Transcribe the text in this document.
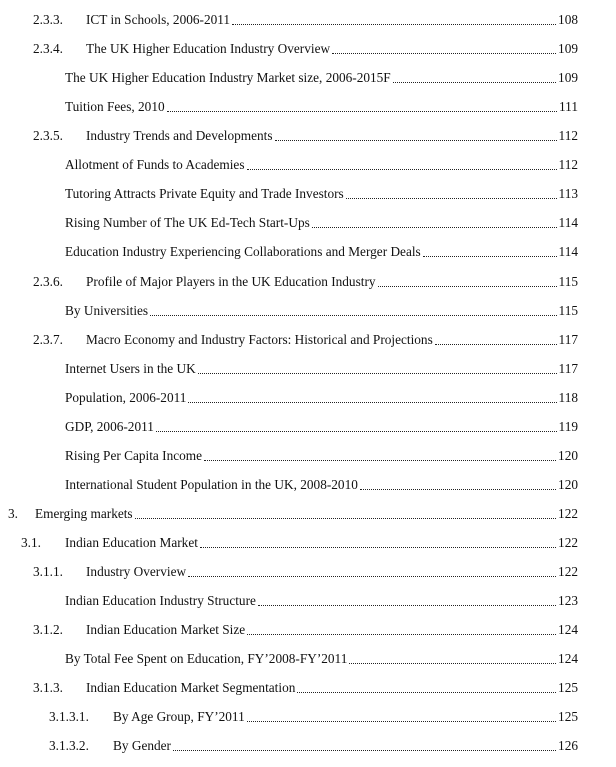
2.3.3.	ICT in Schools, 2006-2011	108
2.3.4.	The UK Higher Education Industry Overview	109
The UK Higher Education Industry Market size, 2006-2015F	109
Tuition Fees, 2010	111
2.3.5.	Industry Trends and Developments	112
Allotment of Funds to Academies	112
Tutoring Attracts Private Equity and Trade Investors	113
Rising Number of The UK Ed-Tech Start-Ups	114
Education Industry Experiencing Collaborations and Merger Deals	114
2.3.6.	Profile of Major Players in the UK Education Industry	115
By Universities	115
2.3.7.	Macro Economy and Industry Factors: Historical and Projections	117
Internet Users in the UK	117
Population, 2006-2011	118
GDP, 2006-2011	119
Rising Per Capita Income	120
International Student Population in the UK, 2008-2010	120
3.	Emerging markets	122
3.1.	Indian Education Market	122
3.1.1.	Industry Overview	122
Indian Education Industry Structure	123
3.1.2.	Indian Education Market Size	124
By Total Fee Spent on Education, FY’2008-FY’2011	124
3.1.3.	Indian Education Market Segmentation	125
3.1.3.1.	By Age Group, FY’2011	125
3.1.3.2.	By Gender	126
